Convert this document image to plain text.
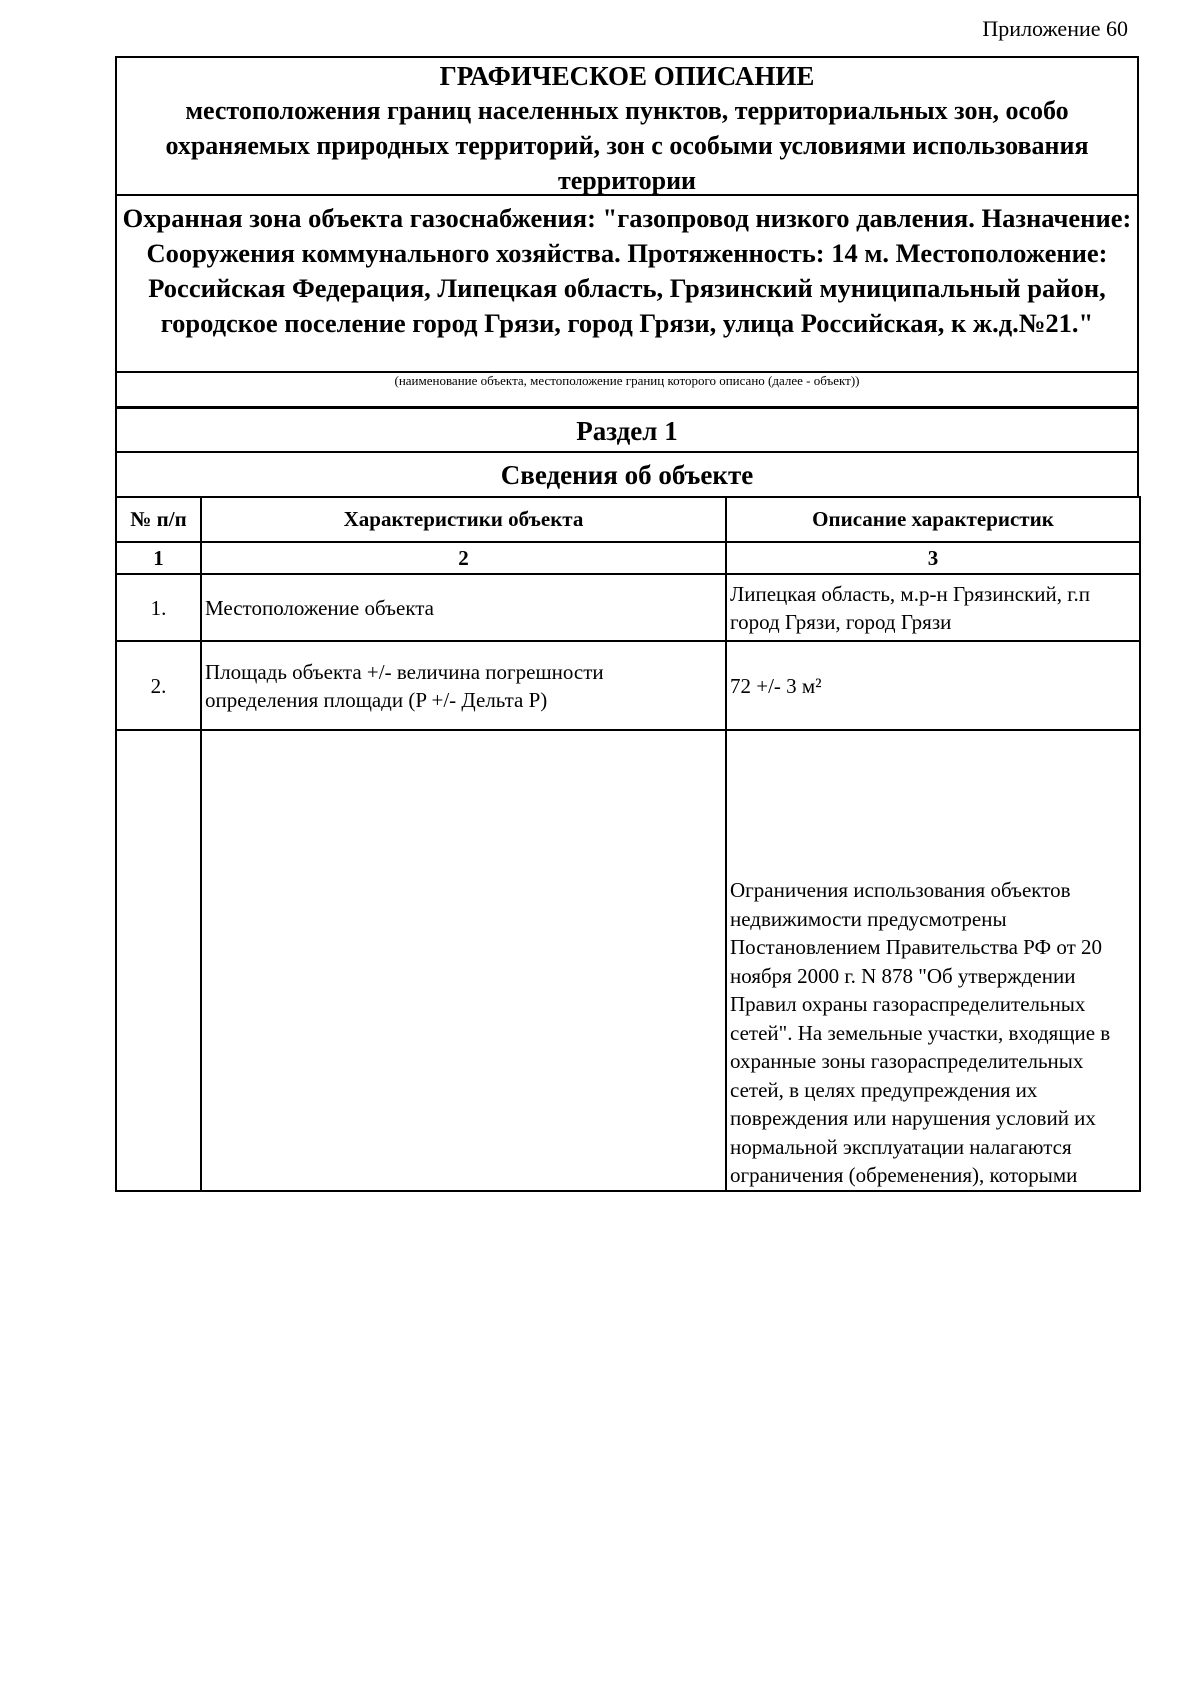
Приложение 60
ГРАФИЧЕСКОЕ ОПИСАНИЕ
местоположения границ населенных пунктов, территориальных зон, особо охраняемых природных территорий, зон с особыми условиями использования территории
Охранная зона объекта газоснабжения: "газопровод низкого давления. Назначение: Сооружения коммунального хозяйства. Протяженность: 14 м. Местоположение: Российская Федерация, Липецкая область, Грязинский муниципальный район, городское поселение город Грязи, город Грязи, улица Российская, к ж.д.№21."
(наименование объекта, местоположение границ которого описано (далее - объект))
Раздел 1
Сведения об объекте
№ п/п	Характеристики объекта	Описание характеристик
1	2	3
1.	Местоположение объекта	Липецкая область, м.р-н Грязинский, г.п город Грязи, город Грязи
2.	Площадь объекта +/- величина погрешности определения площади (P +/- Дельта P)	72 +/- 3 м²

		Ограничения использования объектов недвижимости предусмотрены Постановлением Правительства РФ от 20 ноября 2000 г. N 878 "Об утверждении Правил охраны газораспределительных сетей". На земельные участки, входящие в охранные зоны газораспределительных сетей, в целях предупреждения их повреждения или нарушения условий их нормальной эксплуатации налагаются ограничения (обременения), которыми
